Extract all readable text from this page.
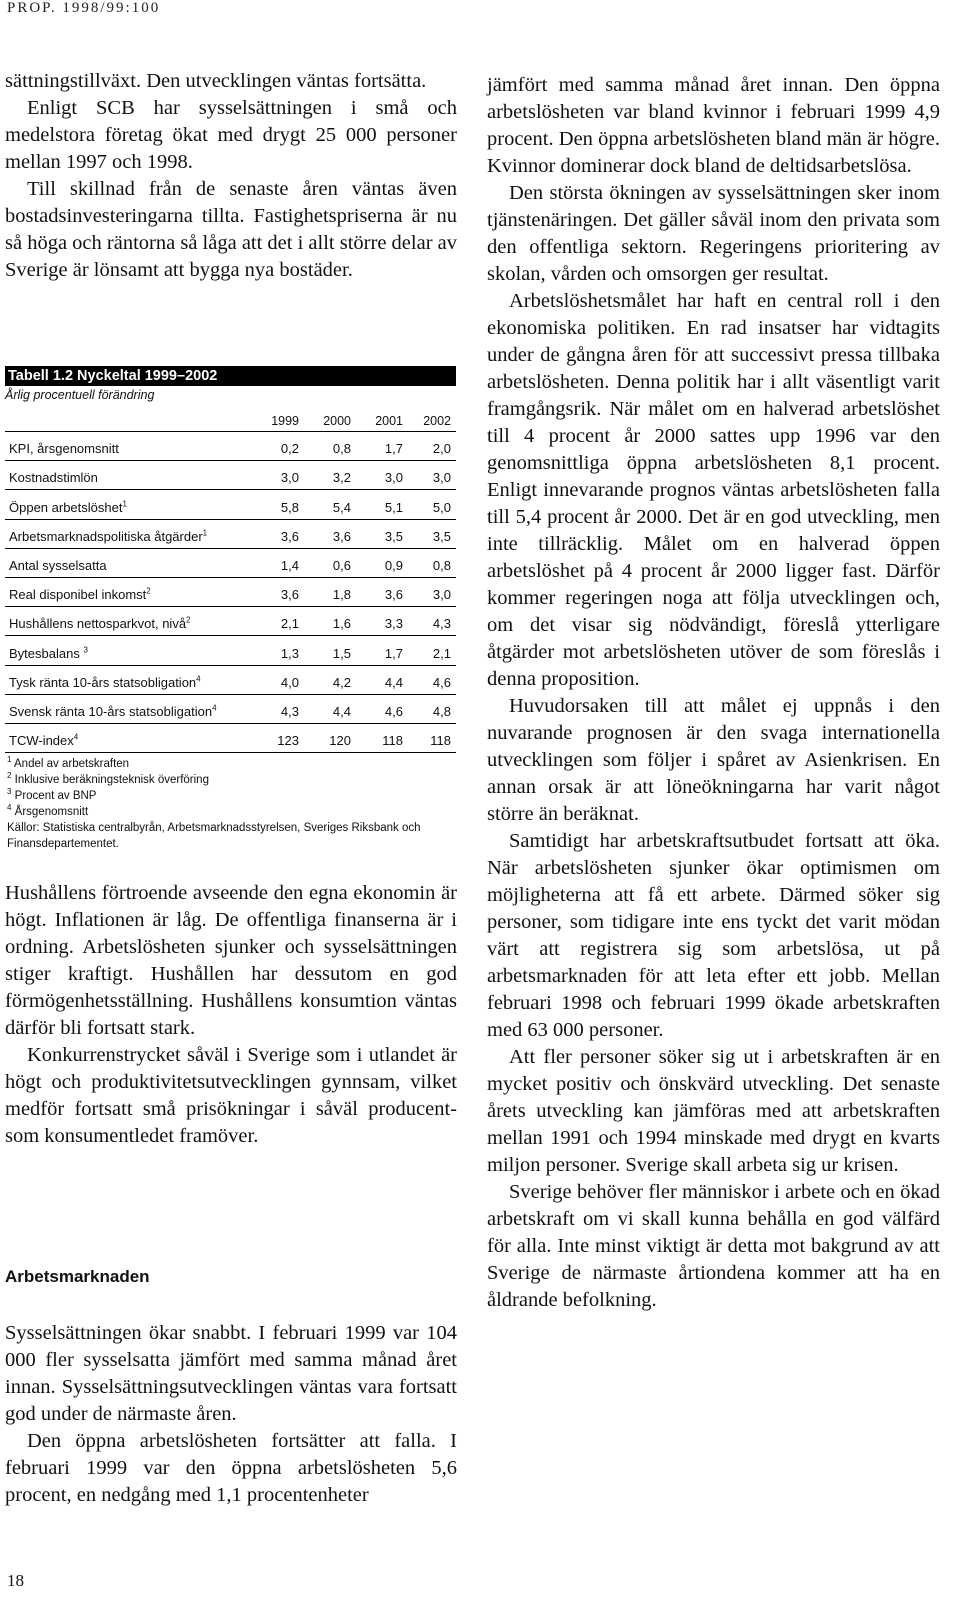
PROP. 1998/99:100

sättningstillväxt. Den utvecklingen väntas fortsätta.

Enligt SCB har sysselsättningen i små och medelstora företag ökat med drygt 25 000 personer mellan 1997 och 1998.

Till skillnad från de senaste åren väntas även bostadsinvesteringarna tillta. Fastighetspriserna är nu så höga och räntorna så låga att det i allt större delar av Sverige är lönsamt att bygga nya bostäder.

Tabell 1.2 Nyckeltal 1999–2002
Årlig procentuell förändring
1999	2000	2001	2002
KPI, årsgenomsnitt	0,2	0,8	1,7	2,0
Kostnadstimlön	3,0	3,2	3,0	3,0
Öppen arbetslöshet$^1$	5,8	5,4	5,1	5,0
Arbetsmarknadspolitiska åtgärder$^1$	3,6	3,6	3,5	3,5
Antal sysselsatta	1,4	0,6	0,9	0,8
Real disponibel inkomst$^2$	3,6	1,8	3,6	3,0
Hushållens nettosparkvot, nivå$^2$	2,1	1,6	3,3	4,3
Bytesbalans $^3$	1,3	1,5	1,7	2,1
Tysk ränta 10-års statsobligation$^4$	4,0	4,2	4,4	4,6
Svensk ränta 10-års statsobligation$^4$	4,3	4,4	4,6	4,8
TCW-index$^4$	123	120	118	118
$^1$ Andel av arbetskraften
$^2$ Inklusive beräkningsteknisk överföring
$^3$ Procent av BNP
$^4$ Årsgenomsnitt
Källor: Statistiska centralbyrån, Arbetsmarknadsstyrelsen, Sveriges Riksbank och Finansdepartementet.

Hushållens förtroende avseende den egna ekonomin är högt. Inflationen är låg. De offentliga finanserna är i ordning. Arbetslösheten sjunker och sysselsättningen stiger kraftigt. Hushållen har dessutom en god förmögenhetsställning. Hushållens konsumtion väntas därför bli fortsatt stark.

Konkurrenstrycket såväl i Sverige som i utlandet är högt och produktivitetsutvecklingen gynnsam, vilket medför fortsatt små prisökningar i såväl producent- som konsumentledet framöver.

Arbetsmarknaden

Sysselsättningen ökar snabbt. I februari 1999 var 104 000 fler sysselsatta jämfört med samma månad året innan. Sysselsättningsutvecklingen väntas vara fortsatt god under de närmaste åren.

Den öppna arbetslösheten fortsätter att falla. I februari 1999 var den öppna arbetslösheten 5,6 procent, en nedgång med 1,1 procentenheter

jämfört med samma månad året innan. Den öppna arbetslösheten var bland kvinnor i februari 1999 4,9 procent. Den öppna arbetslösheten bland män är högre. Kvinnor dominerar dock bland de deltidsarbetslösa.

Den största ökningen av sysselsättningen sker inom tjänstenäringen. Det gäller såväl inom den privata som den offentliga sektorn. Regeringens prioritering av skolan, vården och omsorgen ger resultat.

Arbetslöshetsmålet har haft en central roll i den ekonomiska politiken. En rad insatser har vidtagits under de gångna åren för att successivt pressa tillbaka arbetslösheten. Denna politik har i allt väsentligt varit framgångsrik. När målet om en halverad arbetslöshet till 4 procent år 2000 sattes upp 1996 var den genomsnittliga öppna arbetslösheten 8,1 procent. Enligt innevarande prognos väntas arbetslösheten falla till 5,4 procent år 2000. Det är en god utveckling, men inte tillräcklig. Målet om en halverad öppen arbetslöshet på 4 procent år 2000 ligger fast. Därför kommer regeringen noga att följa utvecklingen och, om det visar sig nödvändigt, föreslå ytterligare åtgärder mot arbetslösheten utöver de som föreslås i denna proposition.

Huvudorsaken till att målet ej uppnås i den nuvarande prognosen är den svaga internationella utvecklingen som följer i spåret av Asienkrisen. En annan orsak är att löneökningarna har varit något större än beräknat.

Samtidigt har arbetskraftsutbudet fortsatt att öka. När arbetslösheten sjunker ökar optimismen om möjligheterna att få ett arbete. Därmed söker sig personer, som tidigare inte ens tyckt det varit mödan värt att registrera sig som arbetslösa, ut på arbetsmarknaden för att leta efter ett jobb. Mellan februari 1998 och februari 1999 ökade arbetskraften med 63 000 personer.

Att fler personer söker sig ut i arbetskraften är en mycket positiv och önskvärd utveckling. Det senaste årets utveckling kan jämföras med att arbetskraften mellan 1991 och 1994 minskade med drygt en kvarts miljon personer. Sverige skall arbeta sig ur krisen.

Sverige behöver fler människor i arbete och en ökad arbetskraft om vi skall kunna behålla en god välfärd för alla. Inte minst viktigt är detta mot bakgrund av att Sverige de närmaste årtiondena kommer att ha en åldrande befolkning.

18
